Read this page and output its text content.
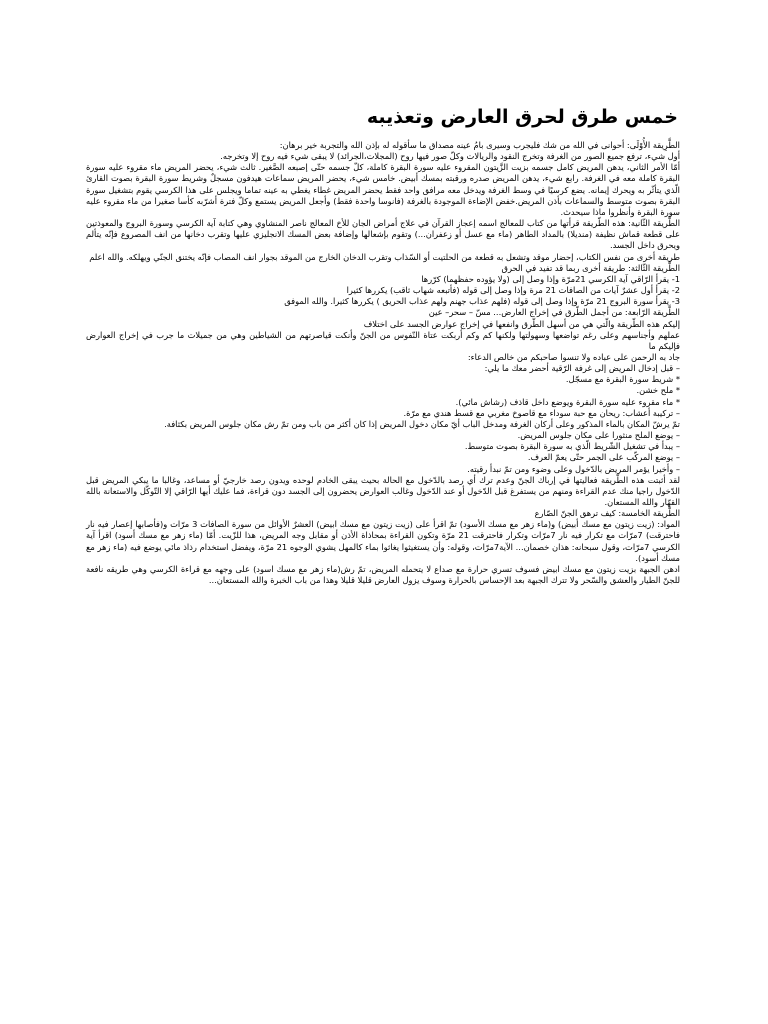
خمس طرق لحرق العارض وتعذيبه

الطَّرِيقة الأُوْلَى: أحوانى في الله من شك فليجرب وسيرى بامُ عينه مصداق ما سأقوله له بإذن الله والتجربة خير برهان:

أول شيء، ترفع جميع الصور من الغرفة وتخرج النقود والريالات وكلّ صور فيها روح (المجلات،الجرائد) لا يبقى شيء فيه روح إلا وتخرجه.

أمّا الأمر الثاني، يدهن المريض كامل جسمه بزيت الزَّيتون المقروء عليه سورة البقرة كاملة، كلّ جسمه حتّى إصبعه الصَّغير. ثالث شيء، يحضر المريض ماء مقروء عليه سورة البقرة كاملة معه في الغرفة. رابع شيء، يدهن المريض صدره ورقبته بمسك أبيض. خامس شيء، يحضر المريض سماعات هيدفون مسجلٌ وشريط سورة البقرة بصوت القارئ الّذي يتأثّر به ويحرك إيمانه. يضع كرسيًا في وسط الغرفة ويدخل معه مرافق واحد فقط يحضر المريض غطاء يغطي به عينه تماما ويجلس على هذا الكرسي يقوم بتشغيل سورة البقرة بصوت متوسط والسماعات بأذن المريض.خفض الإضاءة الموجودة بالغرفة (فانوسا واحدة فقط) وأجعل المريض يستمع وكلّ فترة أشرّبه كأسا صغيرا من ماء مقروء عليه سورة البقرة وأنظروا ماذا سيحدث.

الطَّريقة الثّانية: هذه الطّريقة قرأتها من كتاب للمعالج اسمه إعجاز القرآن في علاج أمراض الجان للأخ المعالج ناصر المنشاوي وهي كتابة آية الكرسي وسورة البروج والمعوذتين على قطعة قماش نظيفة (منديلا) بالمداد الطاهر (ماء مع عسل أو زعفران...) وتقوم بإشعالها وإضافة بعض المسك الانجليزي عليها وتقرب دخانها من انف المصروع فإنّه يتألم ويحرق داخل الجسد.

طريقة أخرى من نفس الكتاب، إحضار موقد وتشعل به قطعة من الحلتيت أو السّذاب وتقرب الدخان الخارج من الموقد بجوار انف المصاب فإنّه يختنق الجنّي ويهلكه. والله اعلم

الطَّريقة الثّالثة: طريقة أخرى ربما قد تفيد في الحرق

1- يقرأ الرّاقي آية الكرسي 21مرّة وإذا وصل إلى (ولا يؤوده حفظهما) كرّرها

2- يقرأ أول عشرٌ آيات من الصافات 21 مرة وإذا وصل إلى قوله (فأتبعه شهاب ثاقب) يكررها كثيرا

3- يقرأ سورة البروج 21 مرّة وإذا وصل إلى قوله (فلهم عذاب جهنم ولهم عذاب الحريق ) يكررها كثيرا. والله الموفق

الطَّريقة الرّابعة: من أجمل الطّرق في إخراج العارض... مسّ – سحر– عين

إليكم هذه الطّريقة والّتي هي من أسهل الطّرق وانفعها في إخراج عوارض الجسد على اختلاف

عملهم وأجناسهم وعلى رغم تواضعها وسهولتها ولكنها كم وكم أربكت عتاة النّفوس من الجنّ وأنكت قياصرتهم من الشياطين وهي من جميلات ما جرب في إخراج العوارض فإليكم ما

جاد به الرحمن على عباده ولا تنسوا صاحبكم من خالص الدعاء:

– قبل إدخال المريض إلى غرفة الرّقية أحضر معك ما يلي:

* شريط سورة البقرة مع مسجّل.

* ملح خشن.

* ماء مقروء عليه سورة البقرة ويوضع داخل قاذف (رشاش مائي).

– تركيبة أعشاب: ريحان مع حبة سوداء مع قاصوخ مغربي مع قسط هندي مع مرّة.

تمّ يرشّ المكان بالماء المذكور وعلى أركان الغرفة ومدخل الباب أيّ مكان دخول المريض إذا كان أكثر من باب ومن تمّ رش مكان جلوس المريض بكثافة.

– يوضع الملح منثورا على مكان جلوس المريض.

– يبدأ في تشغيل الشّريط الّذي به سورة البقرة بصوت متوسط.

– يوضع المركّب على الجمر حتّى يعمّ العرف.

– وأخيرا يؤمر المريض بالدّخول وعلى وضوء ومن تمّ نبدأ رقيته.

لقد أثبتت هذه الطّريقة فعاليتها في إرباك الجنّ وعدم ترك أي رصد بالدّخول مع الحالة بحيث يبقى الخادم لوحده ويدون رصد خارجيّ أو مساعد، وغالبا ما يبكي المريض قبل الدّخول راجيا منك عدم القراءة ومنهم من يستفرغ قبل الدّخول أو عند الدّخول وغالب العوارض يحضرون إلى الجسد دون قراءة، فما عليك أيها الرّاقي إلا التّوكّل والاستعانة بالله القهّار والله المستعان.

الطّريقة الخامسة: كيف ترهق الجنّ الصّارع

المواد: (زيت زيتون مع مسك أبيض) و(ماء زهر مع مسك الأسود) تمّ اقرأ على (زيت زيتون مع مسك ابيض) العشرٌ الأوائل من سورة الصافات 3 مرّات و(فأصابها إعصار فيه نار فاحترقت) 7مرّات مع تكرار فيه نار 7مرّات وتكرار فاحترقت 21 مرّة وتكون القراءة بمحاذاة الأذن أو مقابل وجه المريض، هذا للزّيت. أمّا (ماء زهر مع مسك أسود) اقرأ آية الكرسي 7مرّات، وقول سبحانه: هذان خصمان... الآية7مرّات، وقوله: وأن يستغيثوا يغاثوا بماء كالمهل يشوي الوجوه 21 مرّة، ويفضل استخدام رذاذ مائي يوضع فيه (ماء زهر مع مسك أسود).

ادهن الجبهة بزيت زيتون مع مسك ابيض فسوف تسري حرارة مع صداع لا يتحمله المريض، تمّ رش(ماء زهر مع مسك اسود) على وجهه مع قراءة الكرسي وهي طريقه نافعة للجنّ الطيار والعشق والسّحر ولا تترك الجبهة بعد الإحساس بالحرارة وسوف يزول العارض قليلا قليلا وهذا من باب الخبرة والله المستعان...
